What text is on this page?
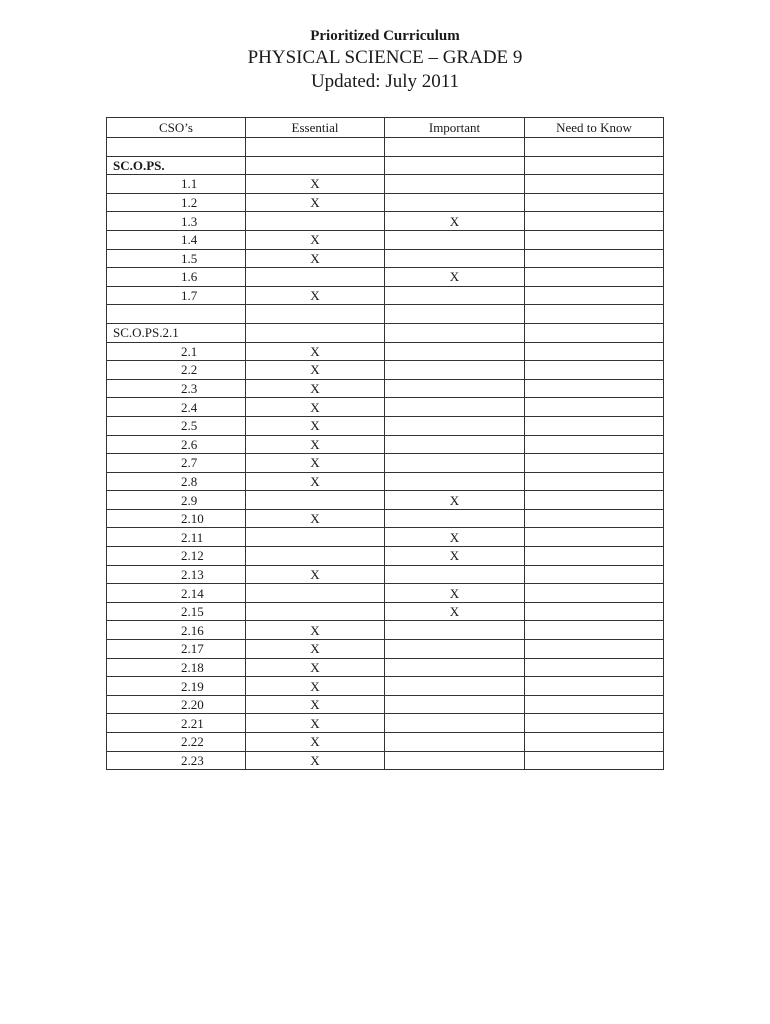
Prioritized Curriculum

PHYSICAL SCIENCE – GRADE 9

Updated: July 2011

CSO’s	Essential	Important	Need to Know

SC.O.PS.			
1.1	X		
1.2	X		
1.3		X	
1.4	X		
1.5	X		
1.6		X	
1.7	X		

SC.O.PS.2.1			
2.1	X		
2.2	X		
2.3	X		
2.4	X		
2.5	X		
2.6	X		
2.7	X		
2.8	X		
2.9		X	
2.10	X		
2.11		X	
2.12		X	
2.13	X		
2.14		X	
2.15		X	
2.16	X		
2.17	X		
2.18	X		
2.19	X		
2.20	X		
2.21	X		
2.22	X		
2.23	X		
